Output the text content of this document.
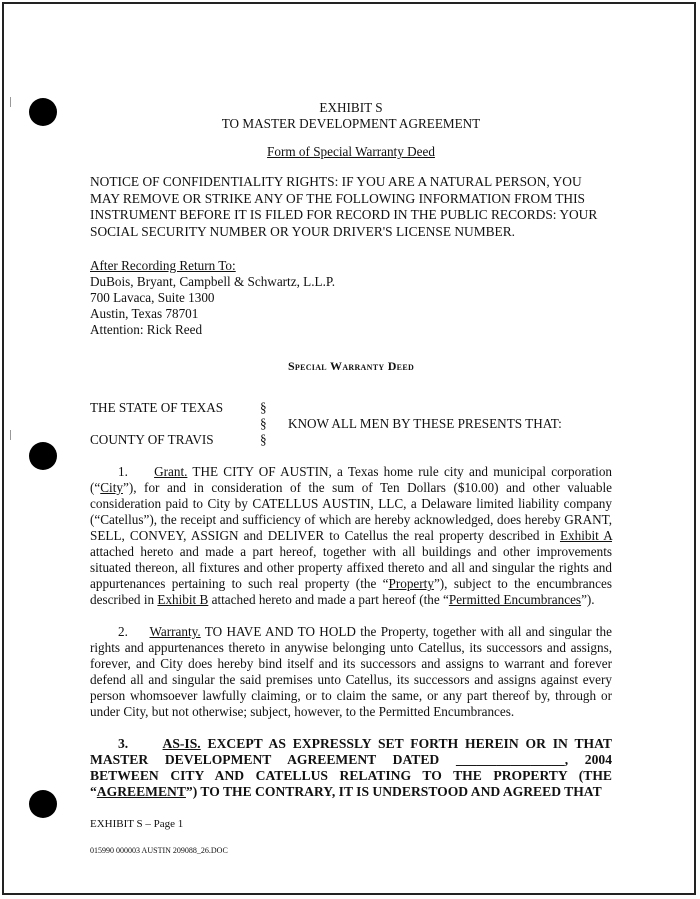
EXHIBIT S

TO MASTER DEVELOPMENT AGREEMENT

Form of Special Warranty Deed

NOTICE OF CONFIDENTIALITY RIGHTS: IF YOU ARE A NATURAL PERSON, YOU

MAY REMOVE OR STRIKE ANY OF THE FOLLOWING INFORMATION FROM THIS

INSTRUMENT BEFORE IT IS FILED FOR RECORD IN THE PUBLIC RECORDS: YOUR

SOCIAL SECURITY NUMBER OR YOUR DRIVER'S LICENSE NUMBER.

After Recording Return To:

DuBois, Bryant, Campbell & Schwartz, L.L.P.

700 Lavaca, Suite 1300

Austin, Texas 78701

Attention: Rick Reed

Special Warranty Deed

THE STATE OF TEXAS	§
§ KNOW ALL MEN BY THESE PRESENTS THAT:
COUNTY OF TRAVIS	§

1. Grant. THE CITY OF AUSTIN, a Texas home rule city and municipal corporation (“City”), for and in consideration of the sum of Ten Dollars ($10.00) and other valuable consideration paid to City by CATELLUS AUSTIN, LLC, a Delaware limited liability company (“Catellus”), the receipt and sufficiency of which are hereby acknowledged, does hereby GRANT, SELL, CONVEY, ASSIGN and DELIVER to Catellus the real property described in Exhibit A attached hereto and made a part hereof, together with all buildings and other improvements situated thereon, all fixtures and other property affixed thereto and all and singular the rights and appurtenances pertaining to such real property (the “Property”), subject to the encumbrances described in Exhibit B attached hereto and made a part hereof (the “Permitted Encumbrances”).

2. Warranty. TO HAVE AND TO HOLD the Property, together with all and singular the rights and appurtenances thereto in anywise belonging unto Catellus, its successors and assigns, forever, and City does hereby bind itself and its successors and assigns to warrant and forever defend all and singular the said premises unto Catellus, its successors and assigns against every person whomsoever lawfully claiming, or to claim the same, or any part thereof by, through or under City, but not otherwise; subject, however, to the Permitted Encumbrances.

3.	AS-IS. EXCEPT AS EXPRESSLY SET FORTH HEREIN OR IN THAT MASTER DEVELOPMENT AGREEMENT DATED ________________, 2004 BETWEEN CITY AND CATELLUS RELATING TO THE PROPERTY (THE “AGREEMENT”) TO THE CONTRARY, IT IS UNDERSTOOD AND AGREED THAT

EXHIBIT S – Page 1
015990 000003 AUSTIN 209088_26.DOC
